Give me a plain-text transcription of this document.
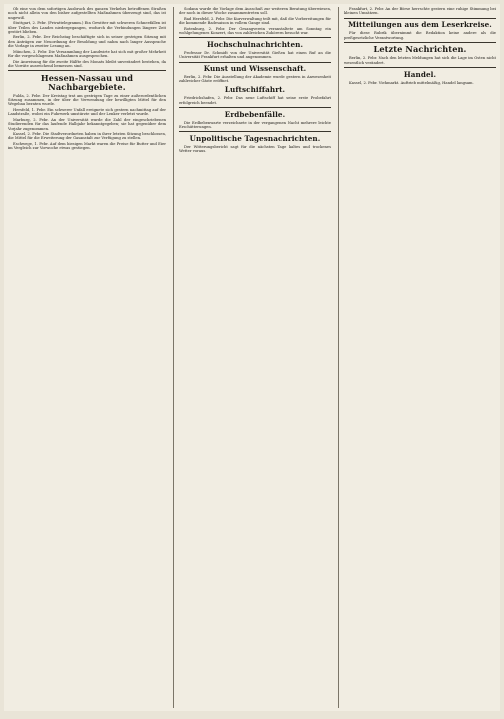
Ob eine von dem sofortigen Ausbruch des ganzen Verkehrs betroffenen Straßen noch nicht allein von den bisher aufgestellten Maßnahmen überzeugt sind, das ist ungewiß.

Stuttgart, 2. Febr. (Privattelegramm.) Ein Gewitter mit schweren Schneefällen ist über Teilen des Landes niedergegangen, wodurch die Verbindungen längere Zeit gestört blieben.

Berlin, 2. Febr. Der Reichstag beschäftigte sich in seiner gestrigen Sitzung mit den Anträgen zur Neuordnung der Besoldung und nahm nach langer Aussprache die Vorlage in zweiter Lesung an.

München, 2. Febr. Die Versammlung der Landwirte hat sich mit großer Mehrheit für die vorgeschlagenen Maßnahmen ausgesprochen.

Die Anweisung für die zweite Hälfte des Monats bleibt unverändert bestehen, da die Vorräte ausreichend bemessen sind.

Hessen-Nassau und Nachbargebiete.

Fulda, 2. Febr. Der Kreistag trat am gestrigen Tage zu einer außerordentlichen Sitzung zusammen, in der über die Verwendung der bewilligten Mittel für den Wegebau beraten wurde.

Hersfeld, 1. Febr. Ein schwerer Unfall ereignete sich gestern nachmittag auf der Landstraße, wobei ein Fuhrwerk umstürzte und der Lenker verletzt wurde.

Marburg, 2. Febr. An der Universität wurde die Zahl der eingeschriebenen Studierenden für das laufende Halbjahr bekanntgegeben; sie hat gegenüber dem Vorjahr zugenommen.

Kassel, 2. Febr. Die Stadtverordneten haben in ihrer letzten Sitzung beschlossen, die Mittel für die Erweiterung der Gasanstalt zur Verfügung zu stellen.

Eschwege, 1. Febr. Auf dem hiesigen Markt waren die Preise für Butter und Eier im Vergleich zur Vorwoche etwas gestiegen.

Sodann wurde die Vorlage dem Ausschuß zur weiteren Beratung überwiesen, der noch in dieser Woche zusammentreten soll.

Bad Hersfeld, 2. Febr. Die Kurverwaltung teilt mit, daß die Vorbereitungen für die kommende Badesaison in vollem Gange sind.

Rotenburg, 2. Febr. Der Gesangverein veranstaltete am Sonntag ein wohlgelungenes Konzert, das von zahlreichen Zuhörern besucht war.

Hochschulnachrichten.

Professor Dr. Schmidt von der Universität Gießen hat einen Ruf an die Universität Frankfurt erhalten und angenommen.

Kunst und Wissenschaft.

Berlin, 2. Febr. Die Ausstellung der Akademie wurde gestern in Anwesenheit zahlreicher Gäste eröffnet.

Luftschiffahrt.

Friedrichshafen, 2. Febr. Das neue Luftschiff hat seine erste Probefahrt erfolgreich beendet.

Erdbebenfälle.

Die Erdbebenwarte verzeichnete in der vergangenen Nacht mehrere leichte Erschütterungen.

Unpolitische Tagesnachrichten.

Der Witterungsbericht sagt für die nächsten Tage kaltes und trockenes Wetter voraus.

Frankfurt, 2. Febr. An der Börse herrschte gestern eine ruhige Stimmung bei kleinen Umsätzen.

Mitteilungen aus dem Leserkreise.

Für diese Rubrik übernimmt die Redaktion keine andere als die preßgesetzliche Verantwortung.

Letzte Nachrichten.

Berlin, 2. Febr. Nach den letzten Meldungen hat sich die Lage im Osten nicht wesentlich verändert.

Handel.

Kassel, 2. Febr. Viehmarkt. Auftrieb mittelmäßig, Handel langsam.
